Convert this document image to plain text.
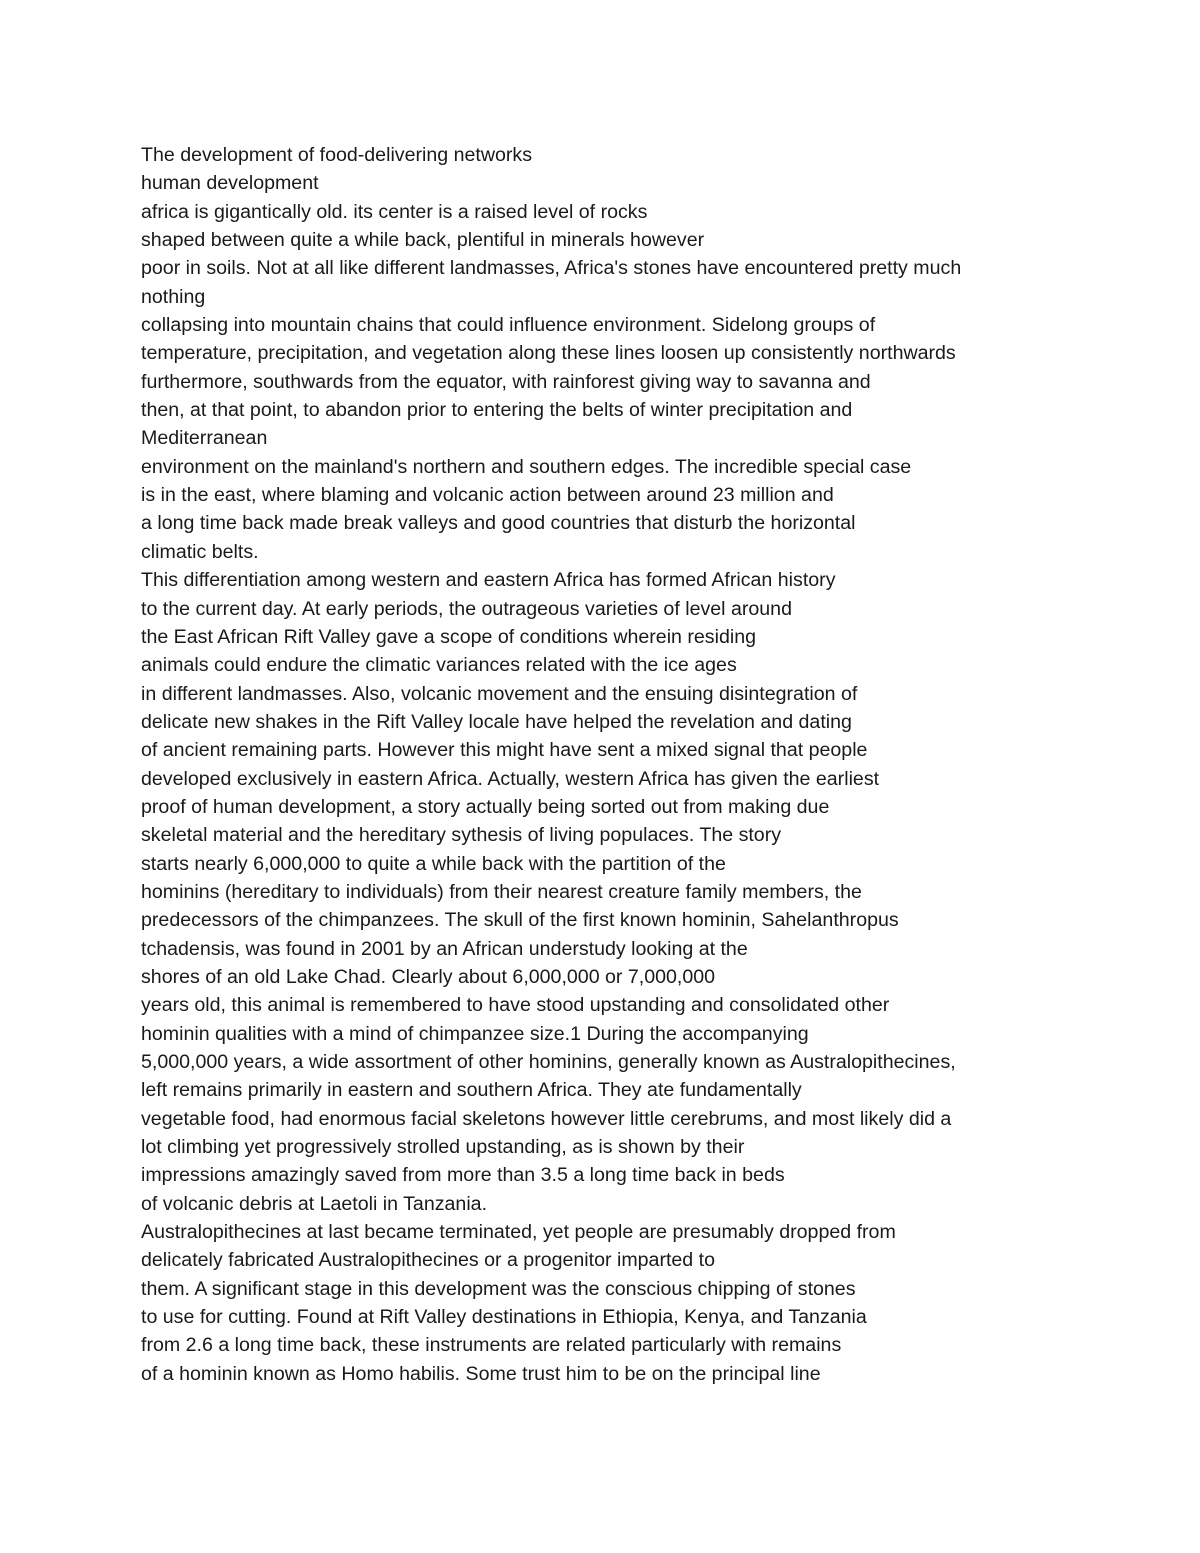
The development of food-delivering networks
human development
africa is gigantically old. its center is a raised level of rocks
shaped between quite a while back, plentiful in minerals however
poor in soils. Not at all like different landmasses, Africa's stones have encountered pretty much
nothing
collapsing into mountain chains that could influence environment. Sidelong groups of
temperature, precipitation, and vegetation along these lines loosen up consistently northwards
furthermore, southwards from the equator, with rainforest giving way to savanna and
then, at that point, to abandon prior to entering the belts of winter precipitation and
Mediterranean
environment on the mainland's northern and southern edges. The incredible special case
is in the east, where blaming and volcanic action between around 23 million and
a long time back made break valleys and good countries that disturb the horizontal
climatic belts.
This differentiation among western and eastern Africa has formed African history
to the current day. At early periods, the outrageous varieties of level around
the East African Rift Valley gave a scope of conditions wherein residing
animals could endure the climatic variances related with the ice ages
in different landmasses. Also, volcanic movement and the ensuing disintegration of
delicate new shakes in the Rift Valley locale have helped the revelation and dating
of ancient remaining parts. However this might have sent a mixed signal that people
developed exclusively in eastern Africa. Actually, western Africa has given the earliest
proof of human development, a story actually being sorted out from making due
skeletal material and the hereditary sythesis of living populaces. The story
starts nearly 6,000,000 to quite a while back with the partition of the
hominins (hereditary to individuals) from their nearest creature family members, the
predecessors of the chimpanzees. The skull of the first known hominin, Sahelanthropus
tchadensis, was found in 2001 by an African understudy looking at the
shores of an old Lake Chad. Clearly about 6,000,000 or 7,000,000
years old, this animal is remembered to have stood upstanding and consolidated other
hominin qualities with a mind of chimpanzee size.1 During the accompanying
5,000,000 years, a wide assortment of other hominins, generally known as Australopithecines,
left remains primarily in eastern and southern Africa. They ate fundamentally
vegetable food, had enormous facial skeletons however little cerebrums, and most likely did a
lot climbing yet progressively strolled upstanding, as is shown by their
impressions amazingly saved from more than 3.5 a long time back in beds
of volcanic debris at Laetoli in Tanzania.
Australopithecines at last became terminated, yet people are presumably dropped from
delicately fabricated Australopithecines or a progenitor imparted to
them. A significant stage in this development was the conscious chipping of stones
to use for cutting. Found at Rift Valley destinations in Ethiopia, Kenya, and Tanzania
from 2.6 a long time back, these instruments are related particularly with remains
of a hominin known as Homo habilis. Some trust him to be on the principal line
